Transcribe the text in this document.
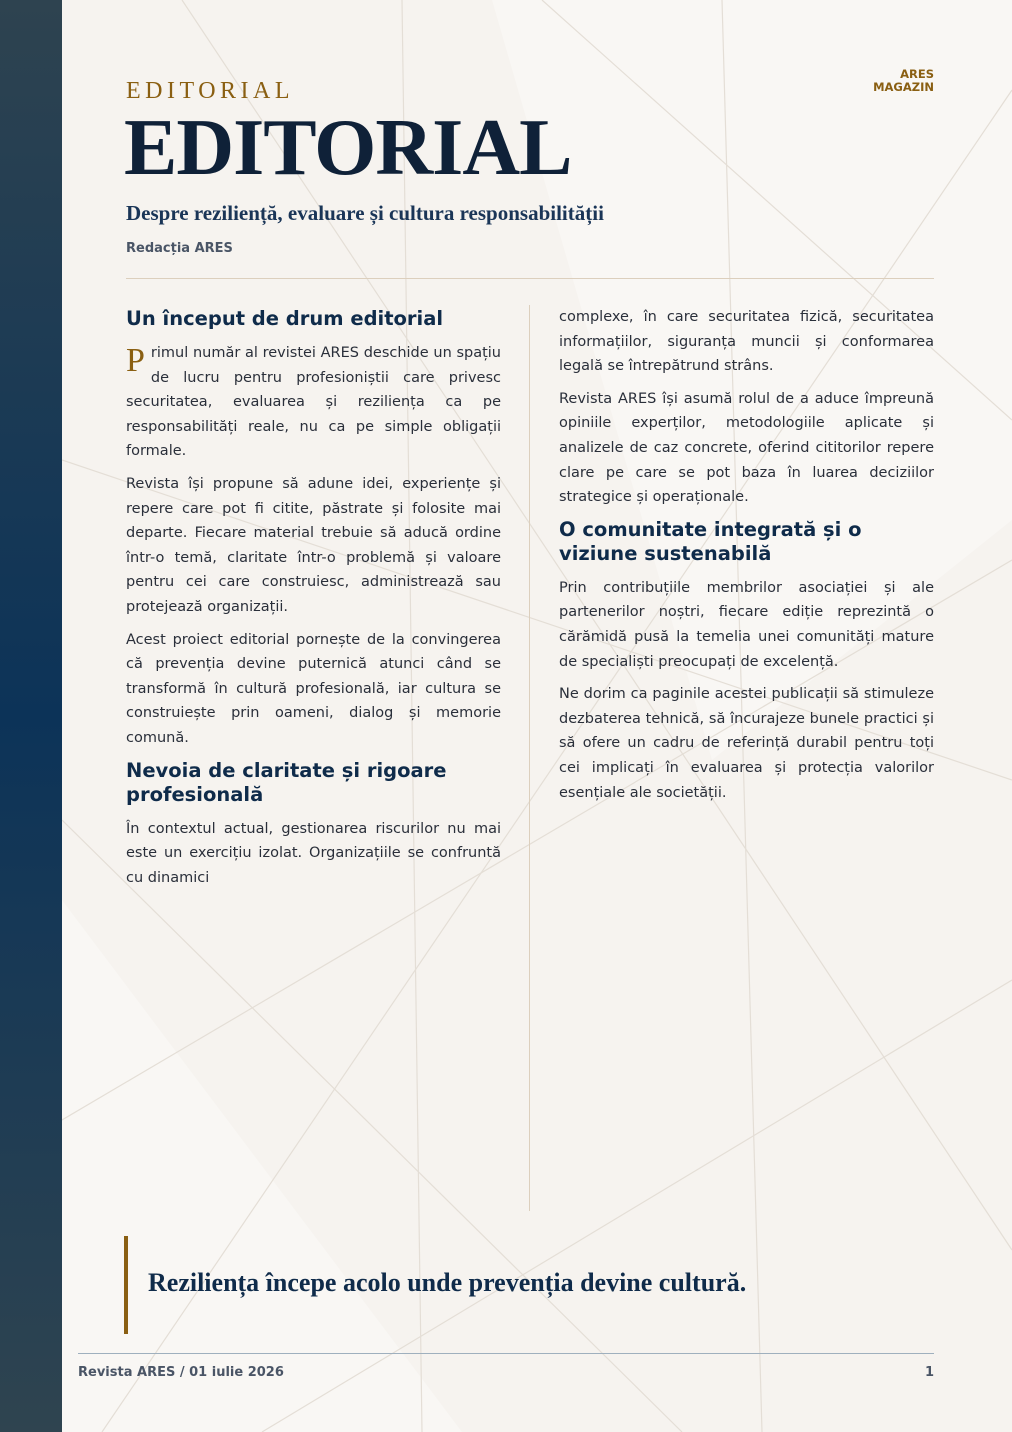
ARES
MAGAZIN
EDITORIAL
EDITORIAL
Despre reziliență, evaluare și cultura responsabilității
Redacția ARES
Un început de drum editorial

Primul număr al revistei ARES deschide un spațiu de lucru pentru profesioniștii care privesc securitatea, evaluarea și reziliența ca pe responsabilități reale, nu ca pe simple obligații formale.

Revista își propune să adune idei, experiențe și repere care pot fi citite, păstrate și folosite mai departe. Fiecare material trebuie să aducă ordine într-o temă, claritate într-o problemă și valoare pentru cei care construiesc, administrează sau protejează organizații.

Acest proiect editorial pornește de la convingerea că prevenția devine puternică atunci când se transformă în cultură profesională, iar cultura se construiește prin oameni, dialog și memorie comună.

Nevoia de claritate și rigoare profesională

În contextul actual, gestionarea riscurilor nu mai este un exercițiu izolat. Organizațiile se confruntă cu dinamici

complexe, în care securitatea fizică, securitatea informațiilor, siguranța muncii și conformarea legală se întrepătrund strâns.

Revista ARES își asumă rolul de a aduce împreună opiniile experților, metodologiile aplicate și analizele de caz concrete, oferind cititorilor repere clare pe care se pot baza în luarea deciziilor strategice și operaționale.

O comunitate integrată și o viziune sustenabilă

Prin contribuțiile membrilor asociației și ale partenerilor noștri, fiecare ediție reprezintă o cărămidă pusă la temelia unei comunități mature de specialiști preocupați de excelență.

Ne dorim ca paginile acestei publicații să stimuleze dezbaterea tehnică, să încurajeze bunele practici și să ofere un cadru de referință durabil pentru toți cei implicați în evaluarea și protecția valorilor esențiale ale societății.

Reziliența începe acolo unde prevenția devine cultură.
Revista ARES / 01 iulie 2026	1
